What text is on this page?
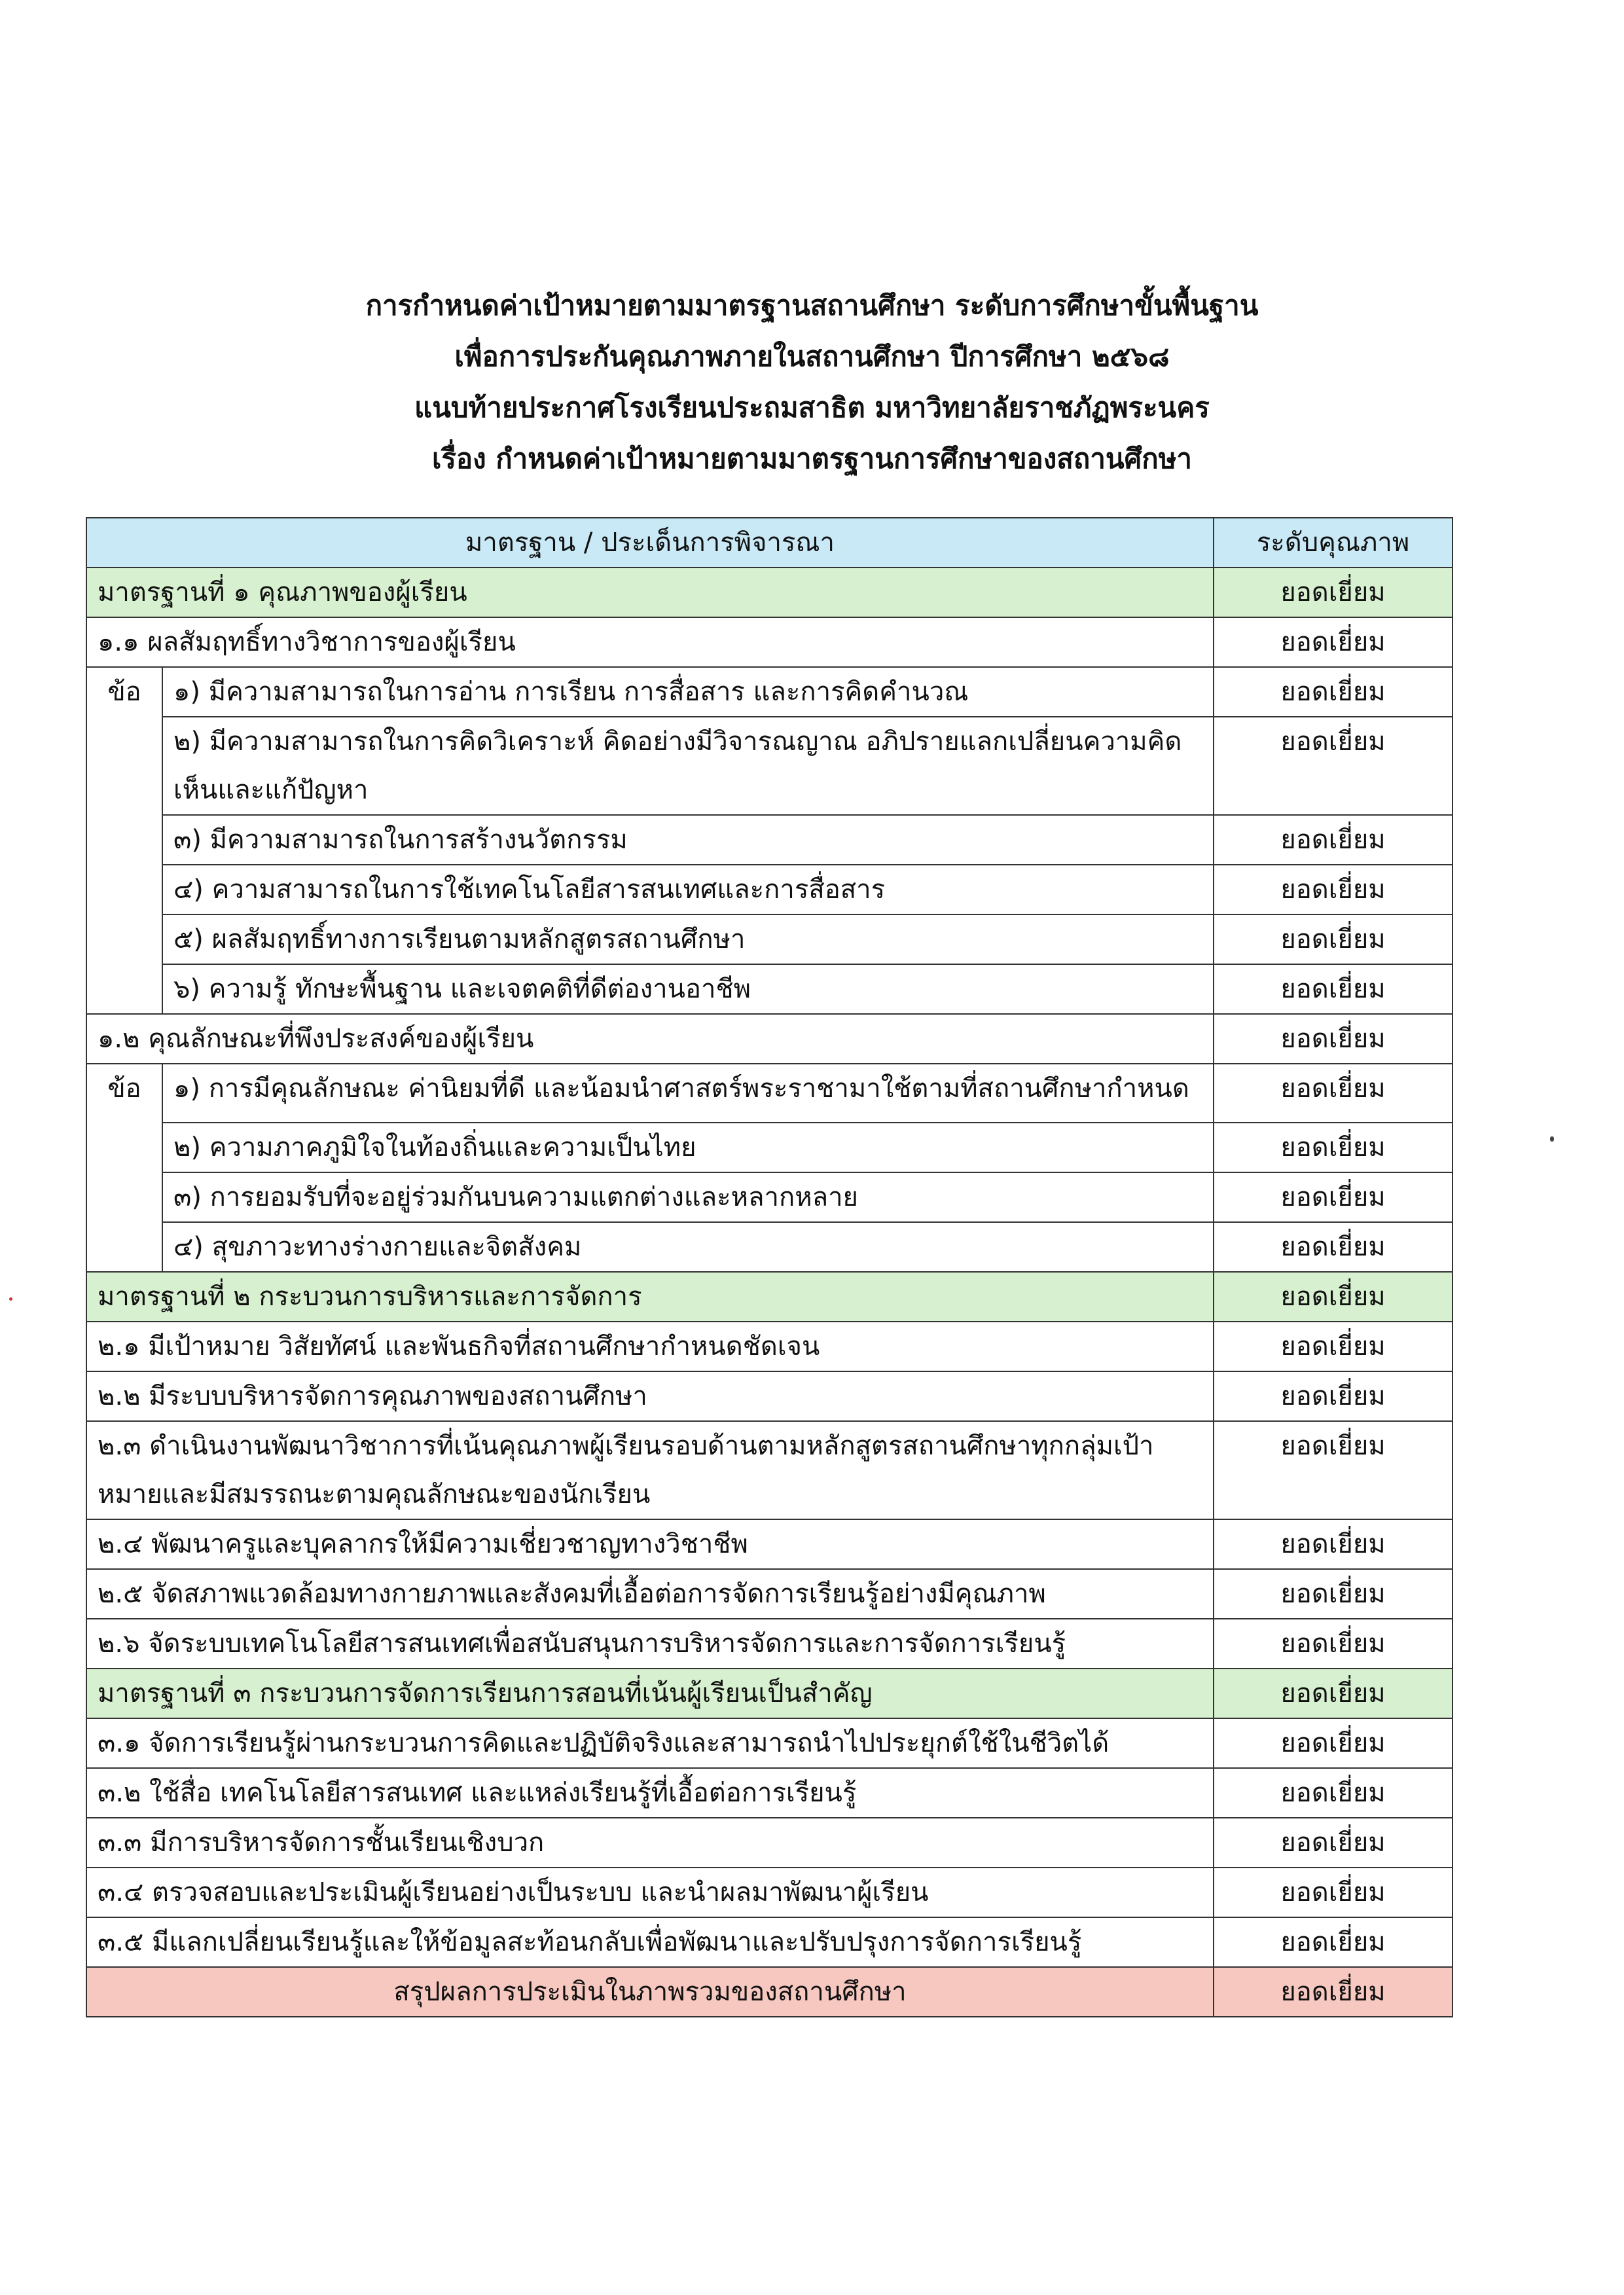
การกำหนดค่าเป้าหมายตามมาตรฐานสถานศึกษา ระดับการศึกษาขั้นพื้นฐาน
เพื่อการประกันคุณภาพภายในสถานศึกษา ปีการศึกษา ๒๕๖๘
แนบท้ายประกาศโรงเรียนประถมสาธิต มหาวิทยาลัยราชภัฏพระนคร
เรื่อง กำหนดค่าเป้าหมายตามมาตรฐานการศึกษาของสถานศึกษา
มาตรฐาน / ประเด็นการพิจารณา		ระดับคุณภาพ
มาตรฐานที่ ๑ คุณภาพของผู้เรียน		ยอดเยี่ยม
๑.๑ ผลสัมฤทธิ์ทางวิชาการของผู้เรียน		ยอดเยี่ยม
ข้อ	๑) มีความสามารถในการอ่าน การเรียน การสื่อสาร และการคิดคำนวณ	ยอดเยี่ยม
	๒) มีความสามารถในการคิดวิเคราะห์ คิดอย่างมีวิจารณญาณ อภิปรายแลกเปลี่ยนความคิดเห็นและแก้ปัญหา	ยอดเยี่ยม
	๓) มีความสามารถในการสร้างนวัตกรรม	ยอดเยี่ยม
	๔) ความสามารถในการใช้เทคโนโลยีสารสนเทศและการสื่อสาร	ยอดเยี่ยม
	๕) ผลสัมฤทธิ์ทางการเรียนตามหลักสูตรสถานศึกษา	ยอดเยี่ยม
	๖) ความรู้ ทักษะพื้นฐาน และเจตคติที่ดีต่องานอาชีพ	ยอดเยี่ยม
๑.๒ คุณลักษณะที่พึงประสงค์ของผู้เรียน		ยอดเยี่ยม
ข้อ	๑) การมีคุณลักษณะ ค่านิยมที่ดี และน้อมนำศาสตร์พระราชามาใช้ตามที่สถานศึกษากำหนด	ยอดเยี่ยม
	๒) ความภาคภูมิใจในท้องถิ่นและความเป็นไทย	ยอดเยี่ยม
	๓) การยอมรับที่จะอยู่ร่วมกันบนความแตกต่างและหลากหลาย	ยอดเยี่ยม
	๔) สุขภาวะทางร่างกายและจิตสังคม	ยอดเยี่ยม
มาตรฐานที่ ๒ กระบวนการบริหารและการจัดการ		ยอดเยี่ยม
๒.๑ มีเป้าหมาย วิสัยทัศน์ และพันธกิจที่สถานศึกษากำหนดชัดเจน		ยอดเยี่ยม
๒.๒ มีระบบบริหารจัดการคุณภาพของสถานศึกษา		ยอดเยี่ยม
๒.๓ ดำเนินงานพัฒนาวิชาการที่เน้นคุณภาพผู้เรียนรอบด้านตามหลักสูตรสถานศึกษาทุกกลุ่มเป้าหมายและมีสมรรถนะตามคุณลักษณะของนักเรียน		ยอดเยี่ยม
๒.๔ พัฒนาครูและบุคลากรให้มีความเชี่ยวชาญทางวิชาชีพ		ยอดเยี่ยม
๒.๕ จัดสภาพแวดล้อมทางกายภาพและสังคมที่เอื้อต่อการจัดการเรียนรู้อย่างมีคุณภาพ		ยอดเยี่ยม
๒.๖ จัดระบบเทคโนโลยีสารสนเทศเพื่อสนับสนุนการบริหารจัดการและการจัดการเรียนรู้		ยอดเยี่ยม
มาตรฐานที่ ๓ กระบวนการจัดการเรียนการสอนที่เน้นผู้เรียนเป็นสำคัญ		ยอดเยี่ยม
๓.๑ จัดการเรียนรู้ผ่านกระบวนการคิดและปฏิบัติจริงและสามารถนำไปประยุกต์ใช้ในชีวิตได้		ยอดเยี่ยม
๓.๒ ใช้สื่อ เทคโนโลยีสารสนเทศ และแหล่งเรียนรู้ที่เอื้อต่อการเรียนรู้		ยอดเยี่ยม
๓.๓ มีการบริหารจัดการชั้นเรียนเชิงบวก		ยอดเยี่ยม
๓.๔ ตรวจสอบและประเมินผู้เรียนอย่างเป็นระบบ และนำผลมาพัฒนาผู้เรียน		ยอดเยี่ยม
๓.๕ มีแลกเปลี่ยนเรียนรู้และให้ข้อมูลสะท้อนกลับเพื่อพัฒนาและปรับปรุงการจัดการเรียนรู้		ยอดเยี่ยม
สรุปผลการประเมินในภาพรวมของสถานศึกษา		ยอดเยี่ยม
